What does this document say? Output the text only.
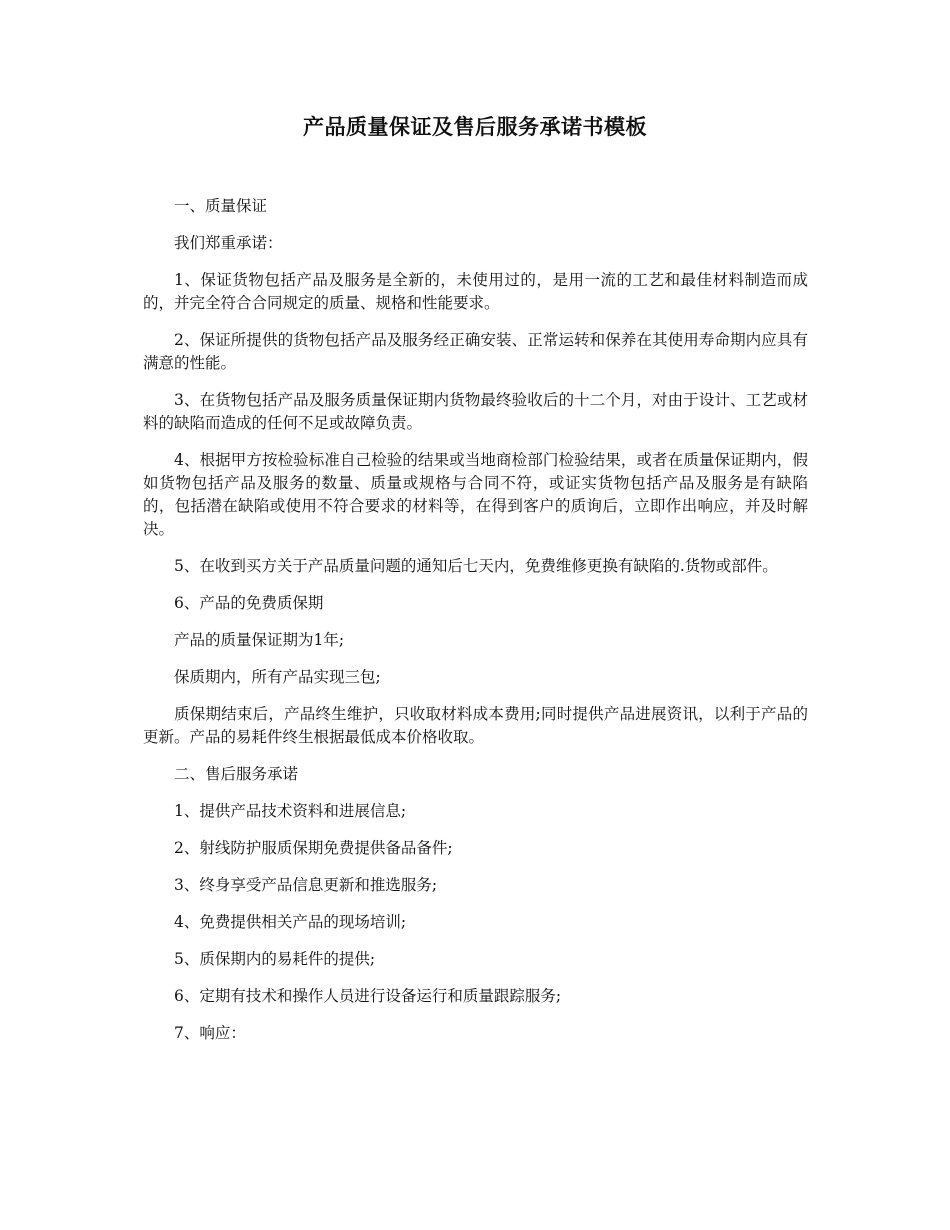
产品质量保证及售后服务承诺书模板

一、质量保证

我们郑重承诺：

1、保证货物包括产品及服务是全新的，未使用过的，是用一流的工艺和最佳材料制造而成的，并完全符合合同规定的质量、规格和性能要求。

2、保证所提供的货物包括产品及服务经正确安装、正常运转和保养在其使用寿命期内应具有满意的性能。

3、在货物包括产品及服务质量保证期内货物最终验收后的十二个月，对由于设计、工艺或材料的缺陷而造成的任何不足或故障负责。

4、根据甲方按检验标准自己检验的结果或当地商检部门检验结果，或者在质量保证期内，假如货物包括产品及服务的数量、质量或规格与合同不符，或证实货物包括产品及服务是有缺陷的，包括潜在缺陷或使用不符合要求的材料等，在得到客户的质询后，立即作出响应，并及时解决。

5、在收到买方关于产品质量问题的通知后七天内，免费维修更换有缺陷的.货物或部件。

6、产品的免费质保期

产品的质量保证期为1年;

保质期内，所有产品实现三包;

质保期结束后，产品终生维护，只收取材料成本费用;同时提供产品进展资讯，以利于产品的更新。产品的易耗件终生根据最低成本价格收取。

二、售后服务承诺

1、提供产品技术资料和进展信息;

2、射线防护服质保期免费提供备品备件;

3、终身享受产品信息更新和推选服务;

4、免费提供相关产品的现场培训;

5、质保期内的易耗件的提供;

6、定期有技术和操作人员进行设备运行和质量跟踪服务;

7、响应：
